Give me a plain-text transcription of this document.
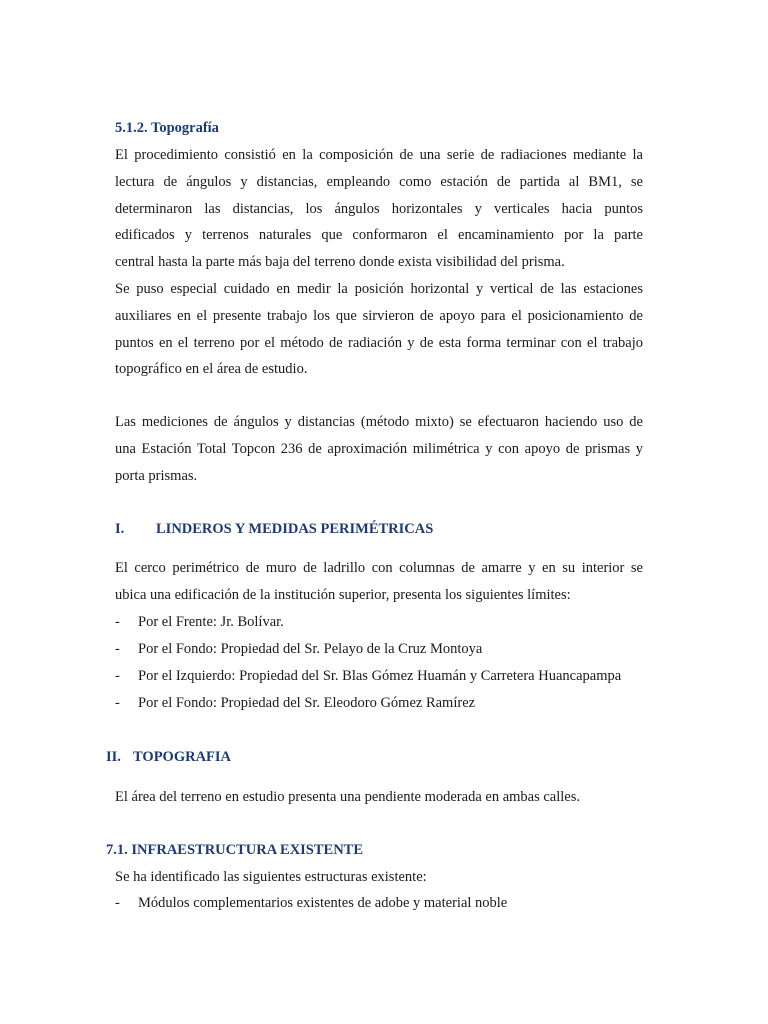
5.1.2. Topografía
El procedimiento consistió en la composición de una serie de radiaciones mediante la
lectura de ángulos y distancias, empleando como estación de partida al BM1, se
determinaron las distancias, los ángulos horizontales y verticales hacia puntos
edificados y terrenos naturales que conformaron el encaminamiento por la parte
central hasta la parte más baja del terreno donde exista visibilidad del prisma.
Se puso especial cuidado en medir la posición horizontal y vertical de las estaciones
auxiliares en el presente trabajo los que sirvieron de apoyo para el posicionamiento de
puntos en el terreno por el método de radiación y de esta forma terminar con el trabajo
topográfico en el área de estudio.
Las mediciones de ángulos y distancias (método mixto) se efectuaron haciendo uso de
una Estación Total Topcon 236 de aproximación milimétrica y con apoyo de prismas y
porta prismas.
I. LINDEROS Y MEDIDAS PERIMÉTRICAS
El cerco perimétrico de muro de ladrillo con columnas de amarre y en su interior se
ubica una edificación de la institución superior, presenta los siguientes límites:
- Por el Frente: Jr. Bolívar.
- Por el Fondo: Propiedad del Sr. Pelayo de la Cruz Montoya
- Por el Izquierdo: Propiedad del Sr. Blas Gómez Huamán y Carretera Huancapampa
- Por el Fondo: Propiedad del Sr. Eleodoro Gómez Ramírez
II. TOPOGRAFIA
El área del terreno en estudio presenta una pendiente moderada en ambas calles.
7.1. INFRAESTRUCTURA EXISTENTE
Se ha identificado las siguientes estructuras existente:
- Módulos complementarios existentes de adobe y material noble
